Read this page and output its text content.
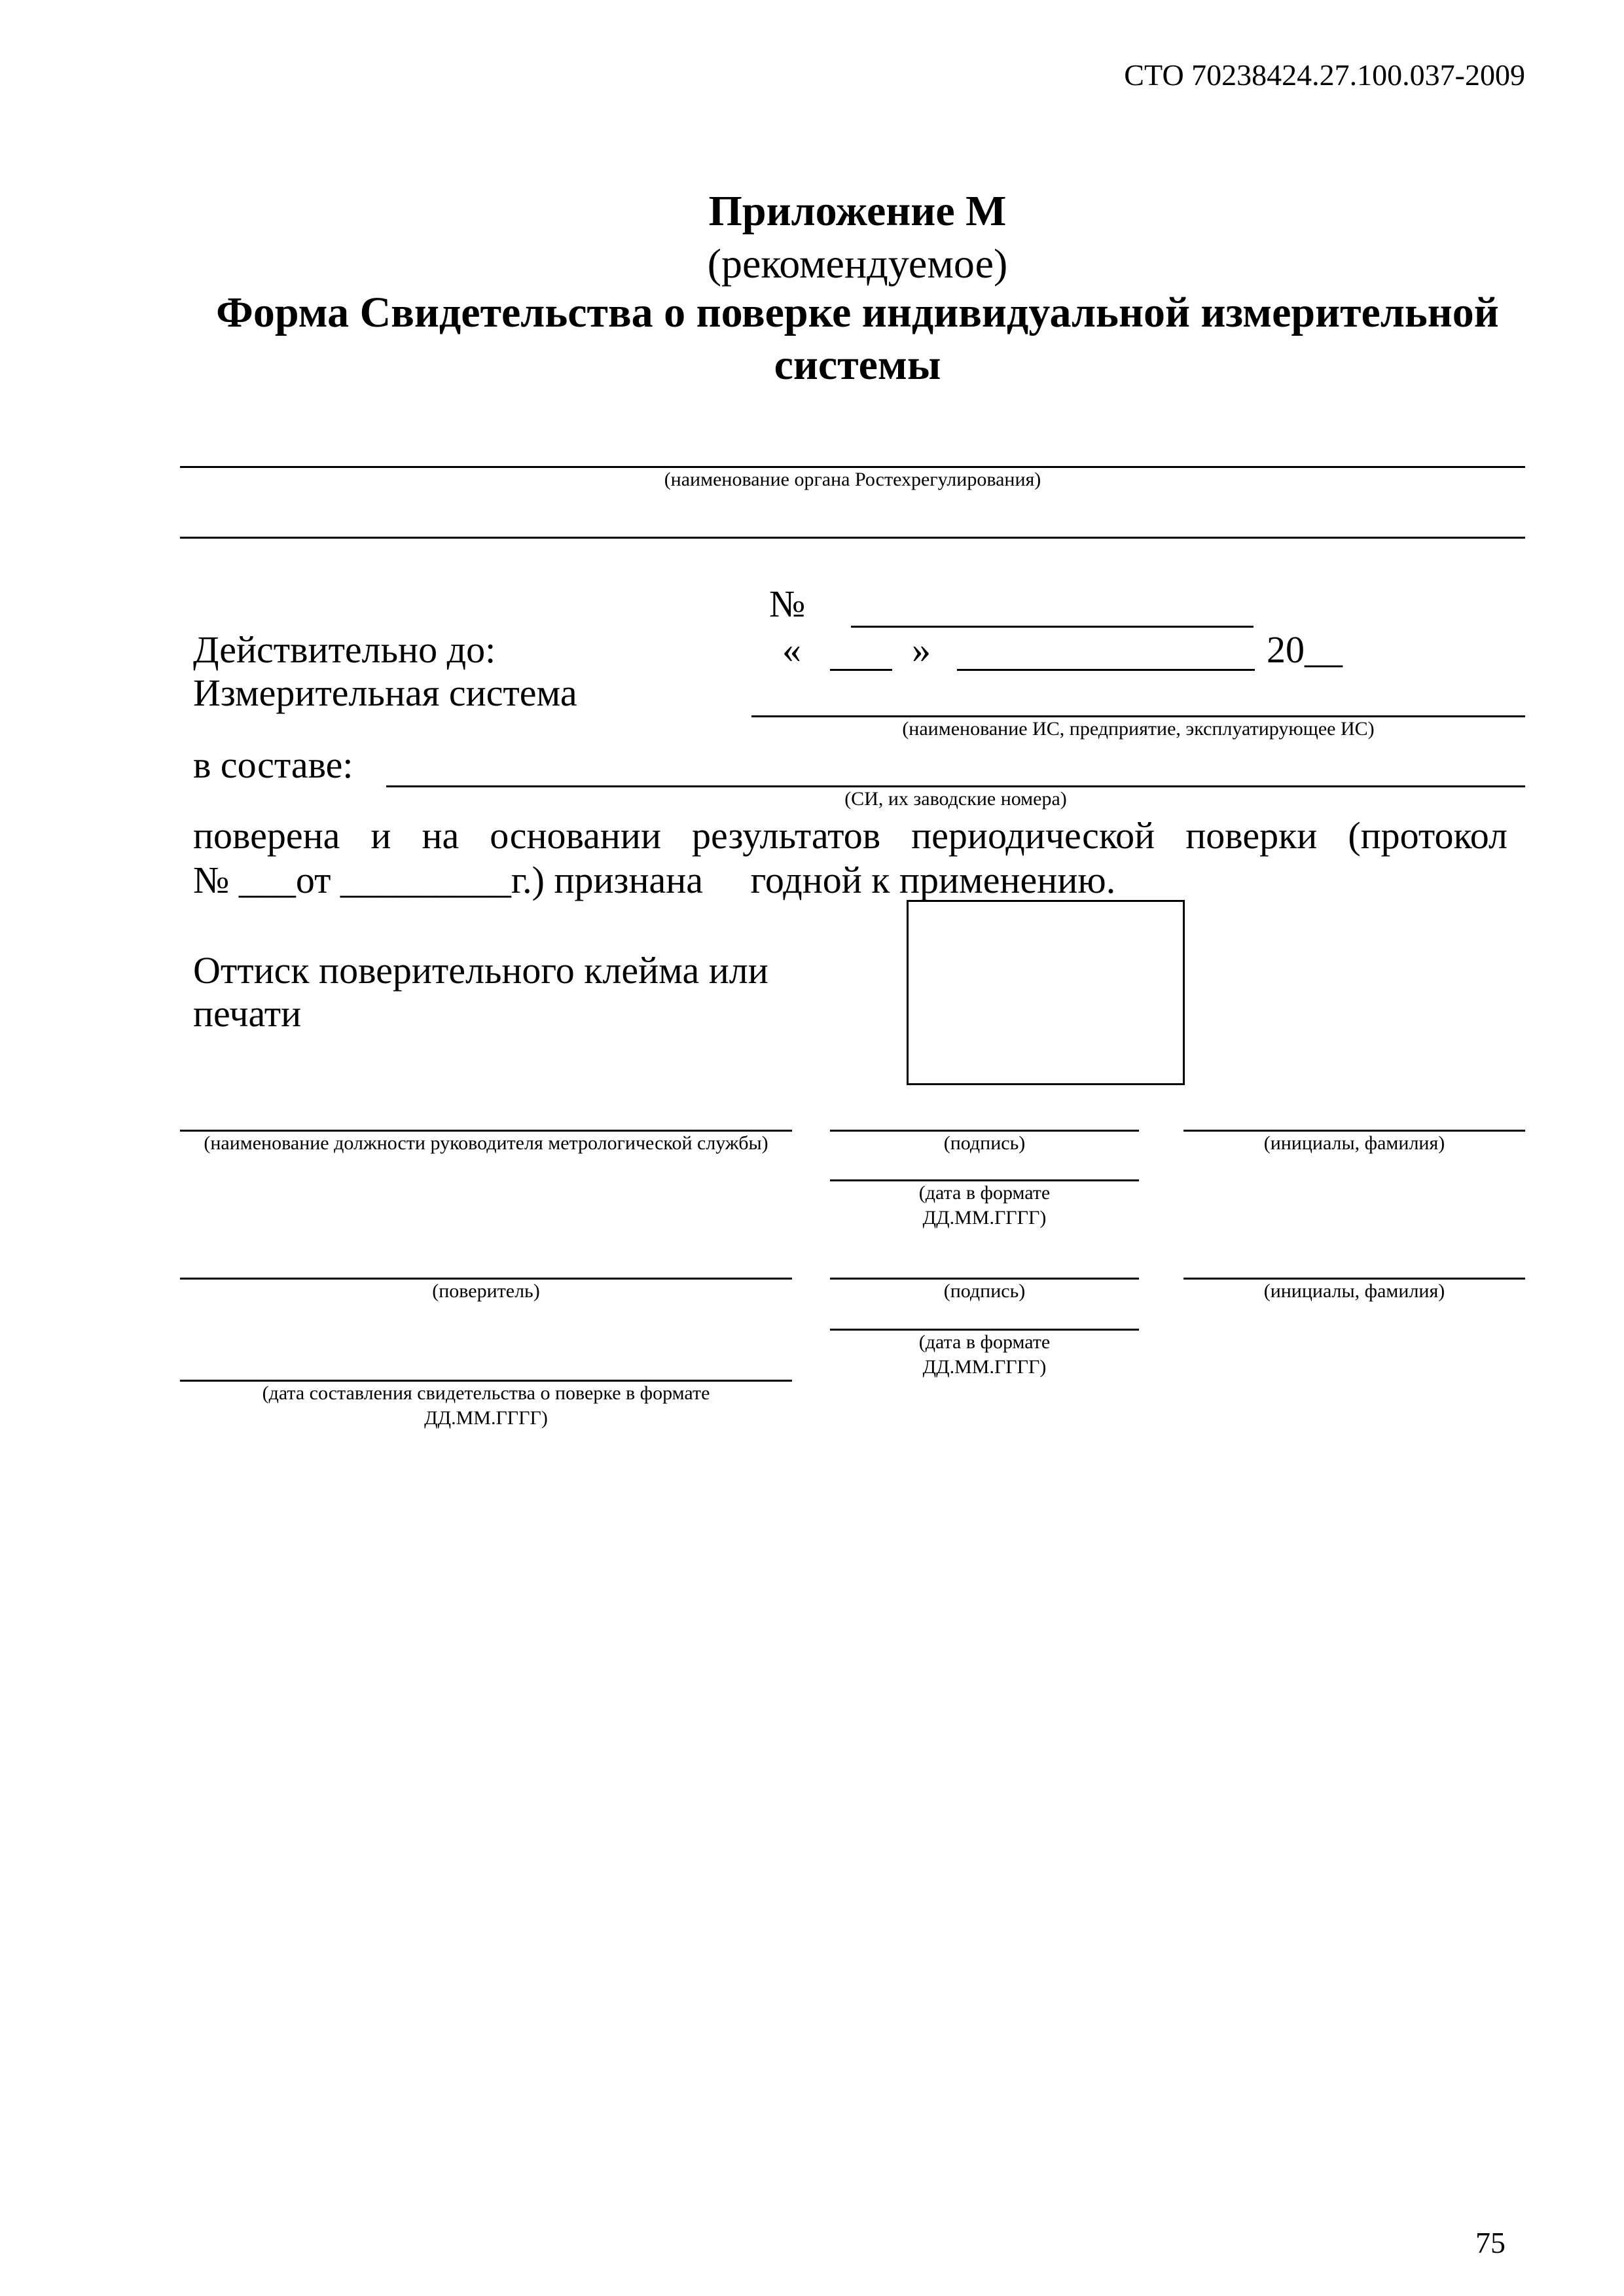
СТО 70238424.27.100.037-2009
Приложение М
(рекомендуемое)
Форма Свидетельства о поверке индивидуальной измерительной
системы
(наименование органа Ростехрегулирования)
№
Действительно до:	«	»	20__
Измерительная система
(наименование ИС, предприятие, эксплуатирующее ИС)
в составе:
(СИ, их заводские номера)
поверена и на основании результатов периодической поверки (протокол
№ ___от _________г.) признана     годной к применению.
Оттиск поверительного клейма или
печати
(наименование должности руководителя метрологической службы)	(подпись)	(инициалы, фамилия)
(дата в формате ДД.ММ.ГГГГ)
(поверитель)	(подпись)	(инициалы, фамилия)
(дата в формате ДД.ММ.ГГГГ)
(дата составления свидетельства о поверке в формате ДД.ММ.ГГГГ)
75
